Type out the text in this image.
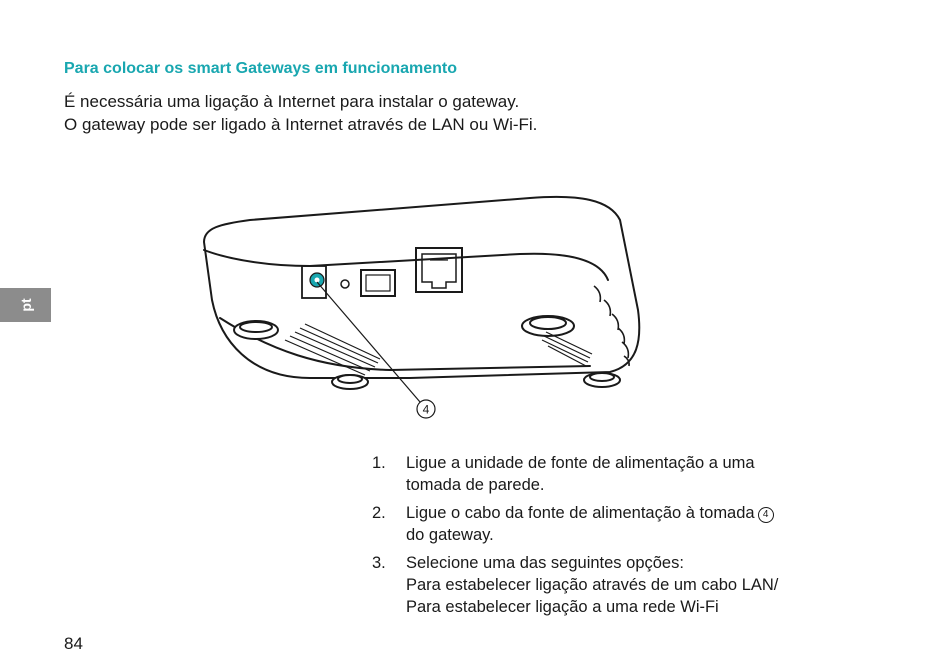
Para colocar os smart Gateways em funcionamento
É necessária uma ligação à Internet para instalar o gateway.
O gateway pode ser ligado à Internet através de LAN ou Wi-Fi.
pt
4
1. Ligue a unidade de fonte de alimentação a uma
tomada de parede.
2. Ligue o cabo da fonte de alimentação à tomada 4
do gateway.
3. Selecione uma das seguintes opções:
Para estabelecer ligação através de um cabo LAN/
Para estabelecer ligação a uma rede Wi-Fi
84
